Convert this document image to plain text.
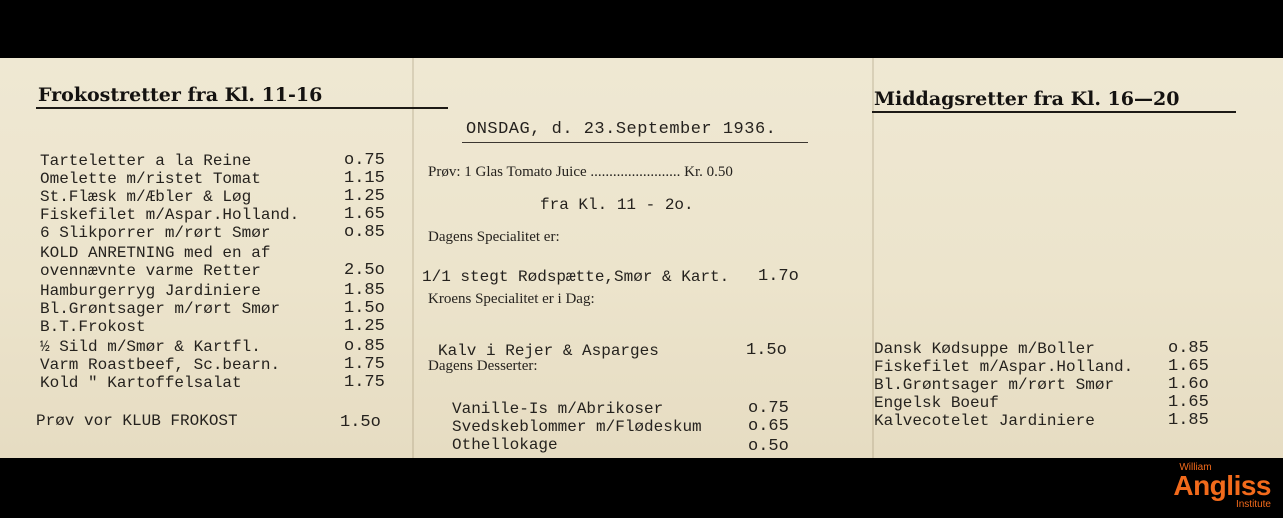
Frokostretter fra Kl. 11-16	Middagsretter fra Kl. 16—20
ONSDAG, d. 23.September 1936.
Tarteletter a la Reine	o.75
Omelette m/ristet Tomat	1.15
St.Flæsk m/Æbler & Løg	1.25
Fiskefilet m/Aspar.Holland.	1.65
6 Slikporrer m/rørt Smør	o.85
KOLD ANRETNING med en af
ovennævnte varme Retter	2.5o
Hamburgerryg Jardiniere	1.85
Bl.Grøntsager m/rørt Smør	1.5o
B.T.Frokost	1.25
½ Sild m/Smør & Kartfl.	o.85
Varm Roastbeef, Sc.bearn.	1.75
Kold " Kartoffelsalat	1.75
Prøv vor KLUB FROKOST	1.5o
Prøv: 1 Glas Tomato Juice ........................ Kr. 0.50
fra Kl. 11 - 2o.
Dagens Specialitet er:
1/1 stegt Rødspætte,Smør & Kart. 1.7o
Kroens Specialitet er i Dag:
Kalv i Rejer & Asparges	1.5o
Dagens Desserter:
Vanille-Is m/Abrikoser	o.75
Svedskeblommer m/Flødeskum	o.65
Othellokage	o.5o
Dansk Kødsuppe m/Boller	o.85
Fiskefilet m/Aspar.Holland. 1.65
Bl.Grøntsager m/rørt Smør	1.6o
Engelsk Boeuf	1.65
Kalvecotelet Jardiniere	1.85
William
Angliss
Institute
